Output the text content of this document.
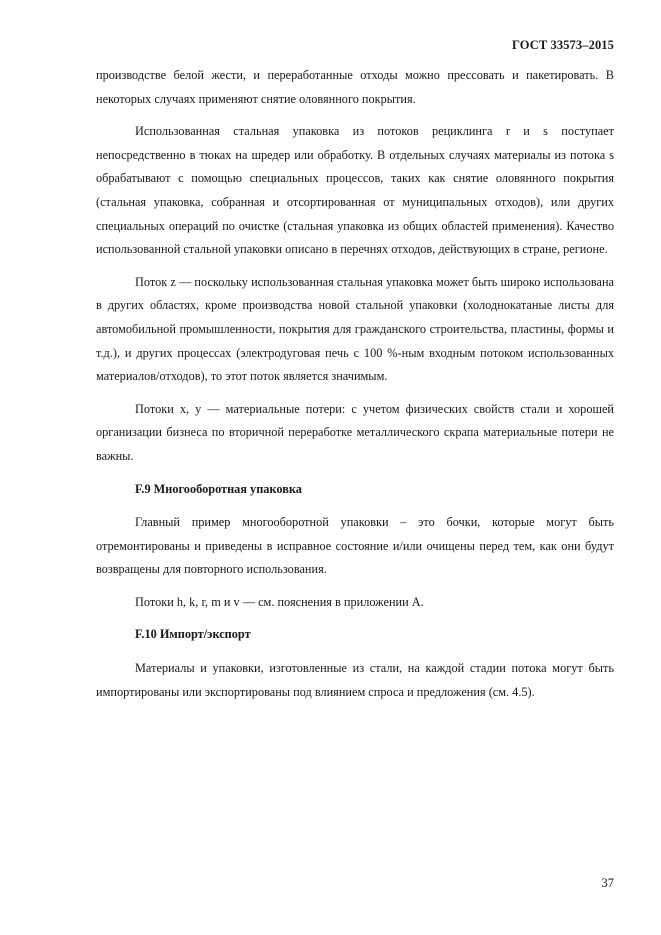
ГОСТ 33573–2015

производстве белой жести, и переработанные отходы можно прессовать и пакетировать. В некоторых случаях применяют снятие оловянного покрытия.

Использованная стальная упаковка из потоков рециклинга r и s поступает непосредственно в тюках на шредер или обработку. В отдельных случаях материалы из потока s обрабатывают с помощью специальных процессов, таких как снятие оловянного покрытия (стальная упаковка, собранная и отсортированная от муниципальных отходов), или других специальных операций по очистке (стальная упаковка из общих областей применения). Качество использованной стальной упаковки описано в перечнях отходов, действующих в стране, регионе.

Поток z — поскольку использованная стальная упаковка может быть широко использована в других областях, кроме производства новой стальной упаковки (холоднокатаные листы для автомобильной промышленности, покрытия для гражданского строительства, пластины, формы и т.д.), и других процессах (электродуговая печь с 100 %-ным входным потоком использованных материалов/отходов), то этот поток является значимым.

Потоки x, y — материальные потери: с учетом физических свойств стали и хорошей организации бизнеса по вторичной переработке металлического скрапа материальные потери не важны.

F.9 Многооборотная упаковка

Главный пример многооборотной упаковки – это бочки, которые могут быть отремонтированы и приведены в исправное состояние и/или очищены перед тем, как они будут возвращены для повторного использования.

Потоки h, k, r, m и v — см. пояснения в приложении А.

F.10 Импорт/экспорт

Материалы и упаковки, изготовленные из стали, на каждой стадии потока могут быть импортированы или экспортированы под влиянием спроса и предложения (см. 4.5).

37
